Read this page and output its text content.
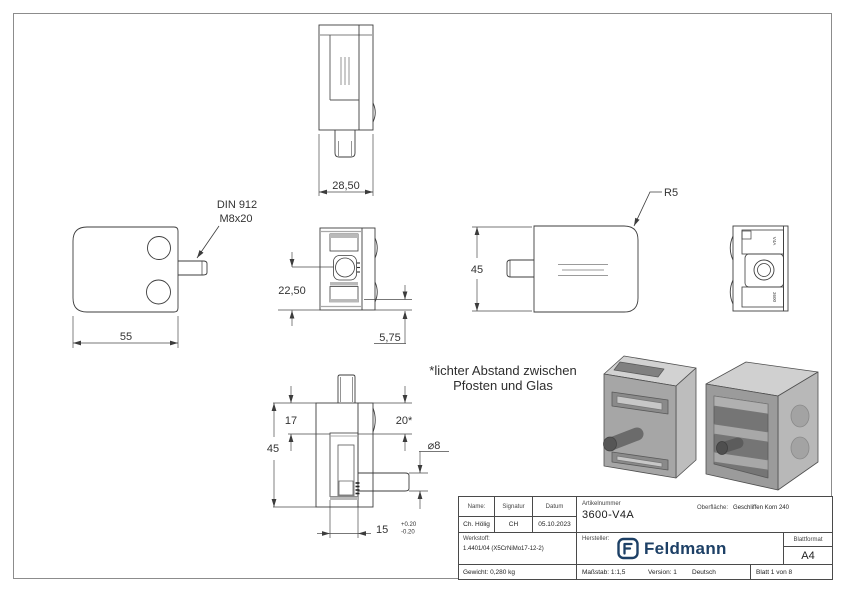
28,50
DIN 912
M8x20
55
22,50
5,75
45
R5
V4A
3600
17
45
20*
⌀8
15 +0.20
-0.20
*lichter Abstand zwischen
Pfosten und Glas
Name:	Signatur	Datum
Ch. Hölig	CH	05.10.2023
Werkstoff:
1.4401/04 (X5CrNiMo17-12-2)
Gewicht: 0,280 kg
Artikelnummer
3600-V4A
Oberfläche: Geschliffen Korn 240
Hersteller: Feldmann	Blattformat
A4
Maßstab: 1:1,5	Version: 1	Deutsch	Blatt 1 von 8
